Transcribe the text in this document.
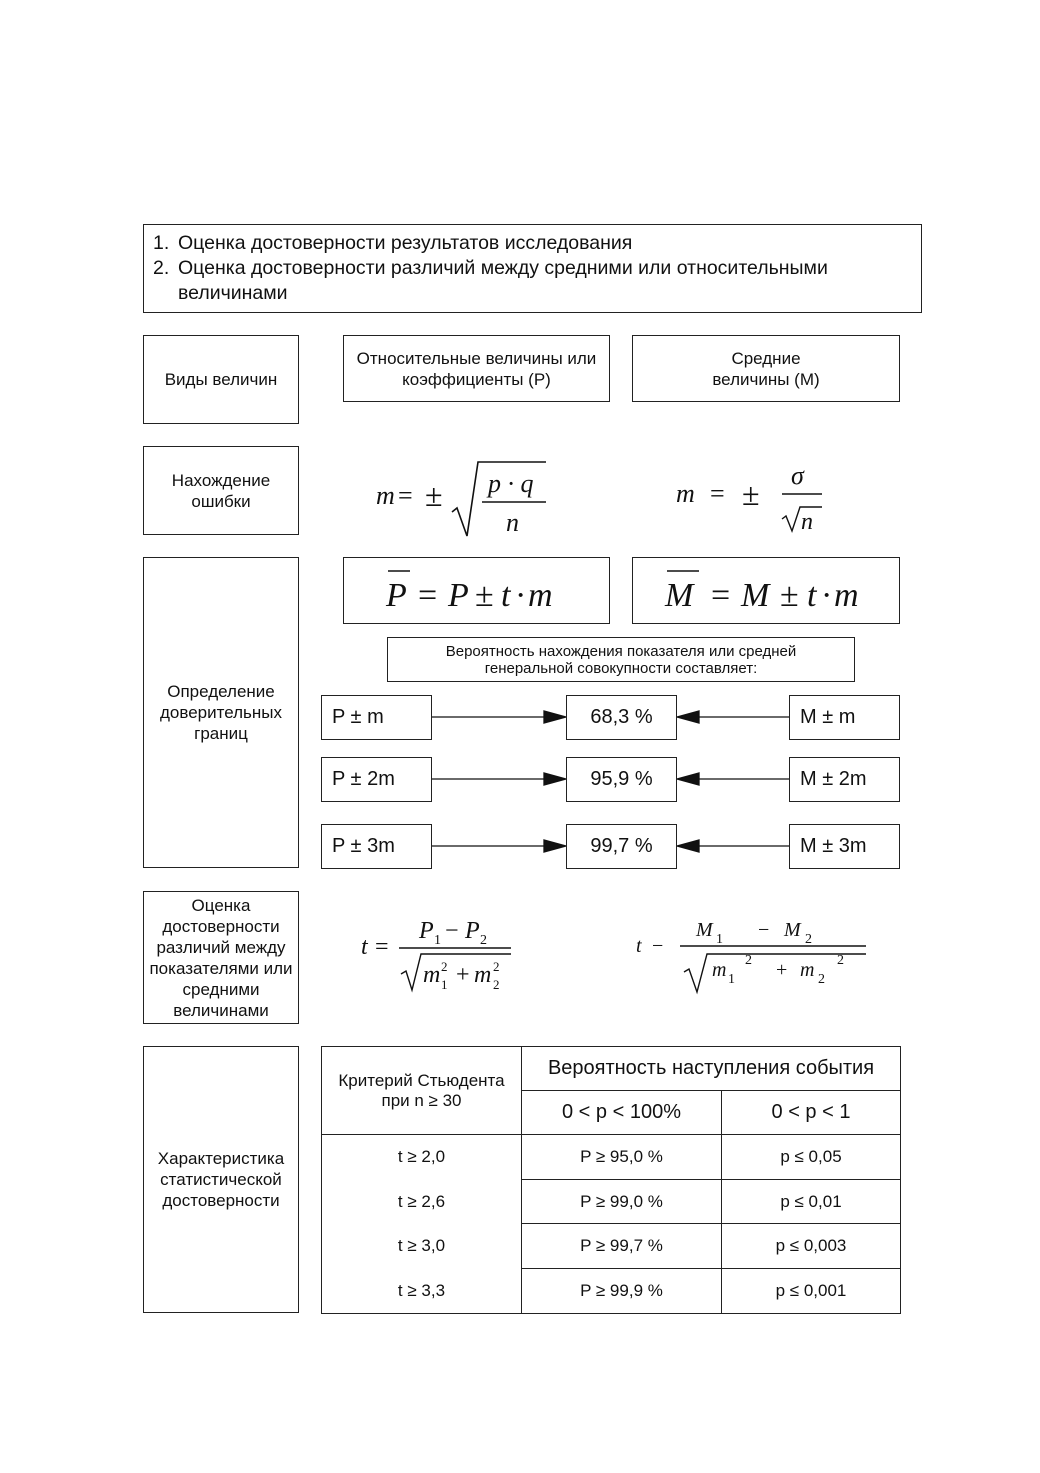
1. Оценка достоверности результатов исследования
2. Оценка достоверности различий между средними или относительными величинами
Виды величин
Относительные величины или коэффициенты (Р)
Средние величины (М)
Нахождение ошибки	m = ± p · q
n
m = ±
σ
n
Определение доверительных границ
P = P ± t · m	M = M ± t · m
Вероятность нахождения показателя или средней генеральной совокупности составляет:
P ± m	68,3 %	M ± m
P ± 2m	95,9 %	M ± 2m
P ± 3m	99,7 %	M ± 3m
Оценка достоверности различий между показателями или средними величинами
t =
P 1 − P 2
m 2
1 + m 2
2
t −
M 1 − M 2
m 1
2 + m 2
2
Характеристика статистической достоверности
Критерий Стьюдента при n ≥ 30	Вероятность наступления события	
	0 < p < 100%	0 < p < 1
t ≥ 2,0	P ≥ 95,0 %	p ≤ 0,05
t ≥ 2,6	P ≥ 99,0 %	p ≤ 0,01
t ≥ 3,0	P ≥ 99,7 %	p ≤ 0,003
t ≥ 3,3	P ≥ 99,9 %	p ≤ 0,001
